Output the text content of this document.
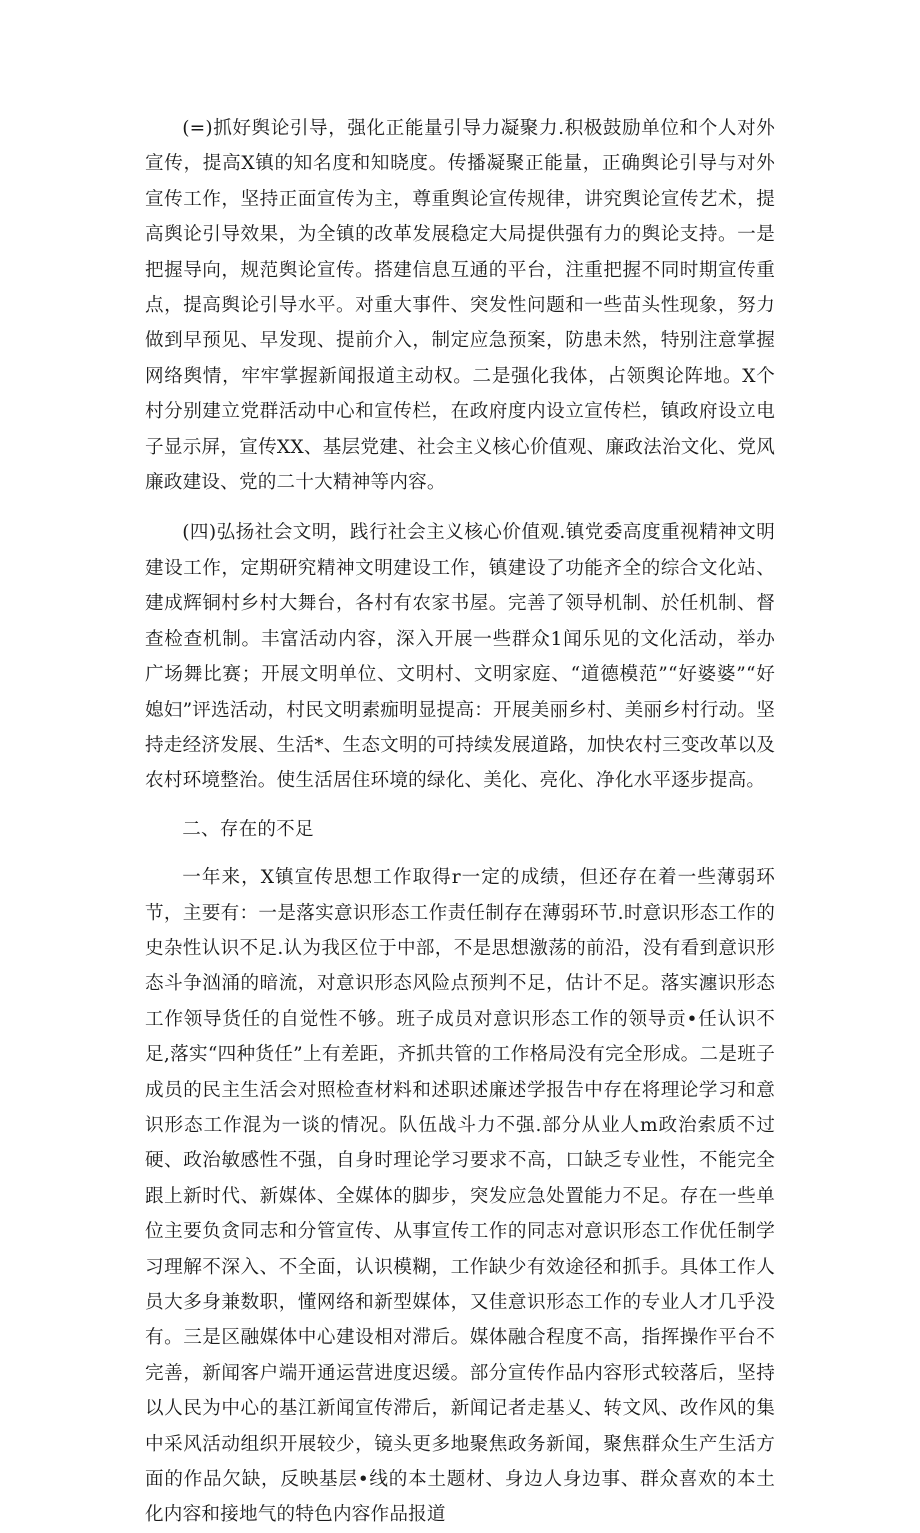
(=)抓好舆论引导，强化正能量引导力凝聚力.积极鼓励单位和个人对外宣传，提高X镇的知名度和知晓度。传播凝聚正能量，正确舆论引导与对外宣传工作，坚持正面宣传为主，尊重舆论宣传规律，讲究舆论宣传艺术，提高舆论引导效果，为全镇的改革发展稳定大局提供强有力的舆论支持。一是把握导向，规范舆论宣传。搭建信息互通的平台，注重把握不同时期宣传重点，提高舆论引导水平。对重大事件、突发性问题和一些苗头性现象，努力做到早预见、早发现、提前介入，制定应急预案，防患未然，特别注意掌握网络舆情，牢牢掌握新闻报道主动权。二是强化我体，占领舆论阵地。X个村分别建立党群活动中心和宣传栏，在政府度内设立宣传栏，镇政府设立电子显示屏，宣传XX、基层党建、社会主义核心价值观、廉政法治文化、党风廉政建设、党的二十大精神等内容。

(四)弘扬社会文明，践行社会主义核心价值观.镇党委高度重视精神文明建设工作，定期研究精神文明建设工作，镇建设了功能齐全的综合文化站、建成辉铜村乡村大舞台，各村有农家书屋。完善了领导机制、於任机制、督查检查机制。丰富活动内容，深入开展一些群众1闻乐见的文化活动，举办广场舞比赛；开展文明单位、文明村、文明家庭、“道德模范”“好婆婆”“好媳妇”评选活动，村民文明素痂明显提高：开展美丽乡村、美丽乡村行动。坚持走经济发展、生活*、生态文明的可持续发展道路，加快农村三变改革以及农村环境整治。使生活居住环境的绿化、美化、亮化、净化水平逐步提高。

二、存在的不足

一年来，X镇宣传思想工作取得r一定的成绩，但还存在着一些薄弱环节，主要有：一是落实意识形态工作责任制存在薄弱环节.时意识形态工作的史杂性认识不足.认为我区位于中部，不是思想激荡的前沿，没有看到意识形态斗争汹涌的暗流，对意识形态风险点预判不足，估计不足。落实瀍识形态工作领导货任的自觉性不够。班子成员对意识形态工作的领导贡•任认识不足,落实“四种货任”上有差距，齐抓共管的工作格局没有完全形成。二是班子成员的民主生活会对照检查材料和述职述廉述学报告中存在将理论学习和意识形态工作混为一谈的情况。队伍战斗力不强.部分从业人m政治索质不过硬、政治敏感性不强，自身时理论学习要求不高，口缺乏专业性，不能完全跟上新时代、新媒体、全媒体的脚步，突发应急处置能力不足。存在一些单位主要负贪同志和分管宣传、从事宣传工作的同志对意识形态工作优任制学习理解不深入、不全面，认识模糊，工作缺少有效途径和抓手。具体工作人员大多身兼数职，懂网络和新型媒体，又佳意识形态工作的专业人才几乎没有。三是区融媒体中心建设相对滞后。媒体融合程度不高，指挥操作平台不完善，新闻客户端开通运营进度迟缓。部分宣传作品内容形式较落后，坚持以人民为中心的基江新闻宣传滞后，新闻记者走基乂、转文风、改作风的集中采风活动组织开展较少，镜头更多地聚焦政务新闻，聚焦群众生产生活方面的作品欠缺，反映基层•线的本土题材、身边人身边事、群众喜欢的本土化内容和接地气的特色内容作品报道
